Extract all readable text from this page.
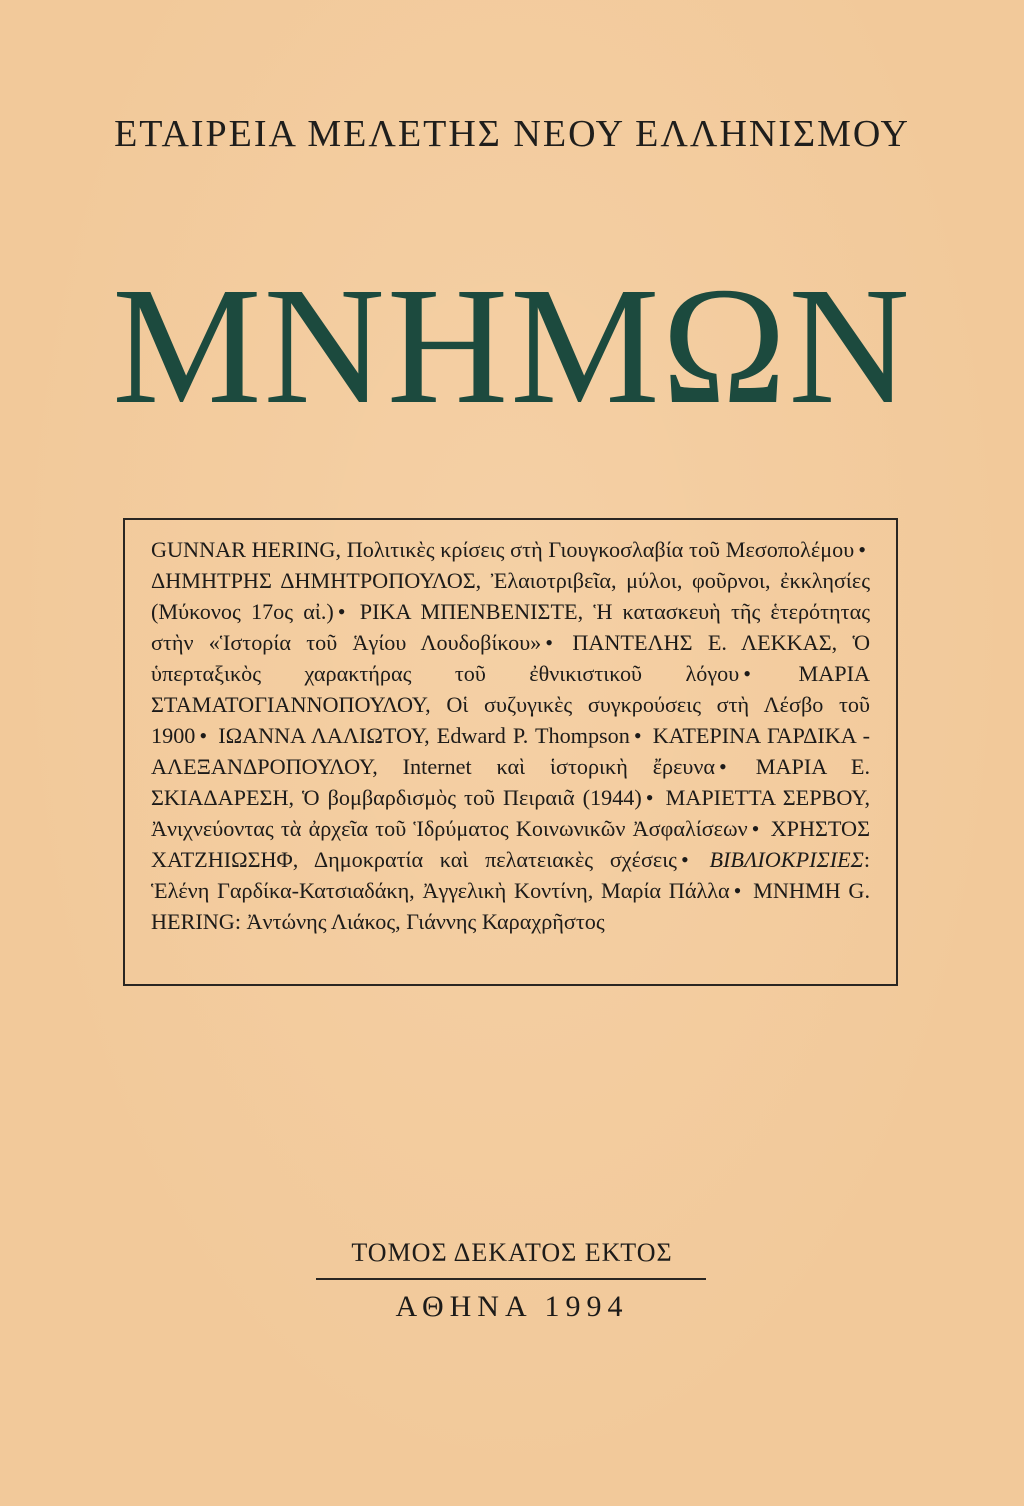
ΕΤΑΙΡΕΙΑ ΜΕΛΕΤΗΣ ΝΕΟΥ ΕΛΛΗΝΙΣΜΟΥ
ΜΝΗΜΩΝ

GUNNAR HERING, Πολιτικὲς κρίσεις στὴ Γιουγκοσλαβία τοῦ Μεσοπολέμου • ΔΗΜΗΤΡΗΣ ΔΗΜΗΤΡΟΠΟΥΛΟΣ, Ἐλαιοτριβεῖα, μύλοι, φοῦρνοι, ἐκκλησίες (Μύκονος 17ος αἰ.) • ΡΙΚΑ ΜΠΕΝΒΕΝΙΣΤΕ, Ἡ κατασκευὴ τῆς ἑτερότητας στὴν «Ἱστορία τοῦ Ἁγίου Λουδοβίκου» • ΠΑΝΤΕΛΗΣ Ε. ΛΕΚΚΑΣ, Ὁ ὑπερταξικὸς χαρακτήρας τοῦ ἐθνικιστικοῦ λόγου • ΜΑΡΙΑ ΣΤΑΜΑΤΟΓΙΑΝΝΟΠΟΥΛΟΥ, Οἱ συζυγικὲς συγκρούσεις στὴ Λέσβο τοῦ 1900 • ΙΩΑΝΝΑ ΛΑΛΙΩΤΟΥ, Edward P. Thompson • ΚΑΤΕΡΙΝΑ ΓΑΡΔΙΚΑ - ΑΛΕΞΑΝΔΡΟΠΟΥΛΟΥ, Internet καὶ ἱστορικὴ ἔρευνα • ΜΑΡΙΑ Ε. ΣΚΙΑΔΑΡΕΣΗ, Ὁ βομβαρδισμὸς τοῦ Πειραιᾶ (1944) • ΜΑΡΙΕΤΤΑ ΣΕΡΒΟΥ, Ἀνιχνεύοντας τὰ ἀρχεῖα τοῦ Ἱδρύματος Κοινωνικῶν Ἀσφαλίσεων • ΧΡΗΣΤΟΣ ΧΑΤΖΗΙΩΣΗΦ, Δημοκρατία καὶ πελατειακὲς σχέσεις • ΒΙΒΛΙΟΚΡΙΣΙΕΣ: Ἑλένη Γαρδίκα-Κατσιαδάκη, Ἀγγελικὴ Κοντίνη, Μαρία Πάλλα • ΜΝΗΜΗ G. HERING: Ἀντώνης Λιάκος, Γιάννης Καραχρῆστος

ΤΟΜΟΣ ΔΕΚΑΤΟΣ ΕΚΤΟΣ
ΑΘΗΝΑ 1994
